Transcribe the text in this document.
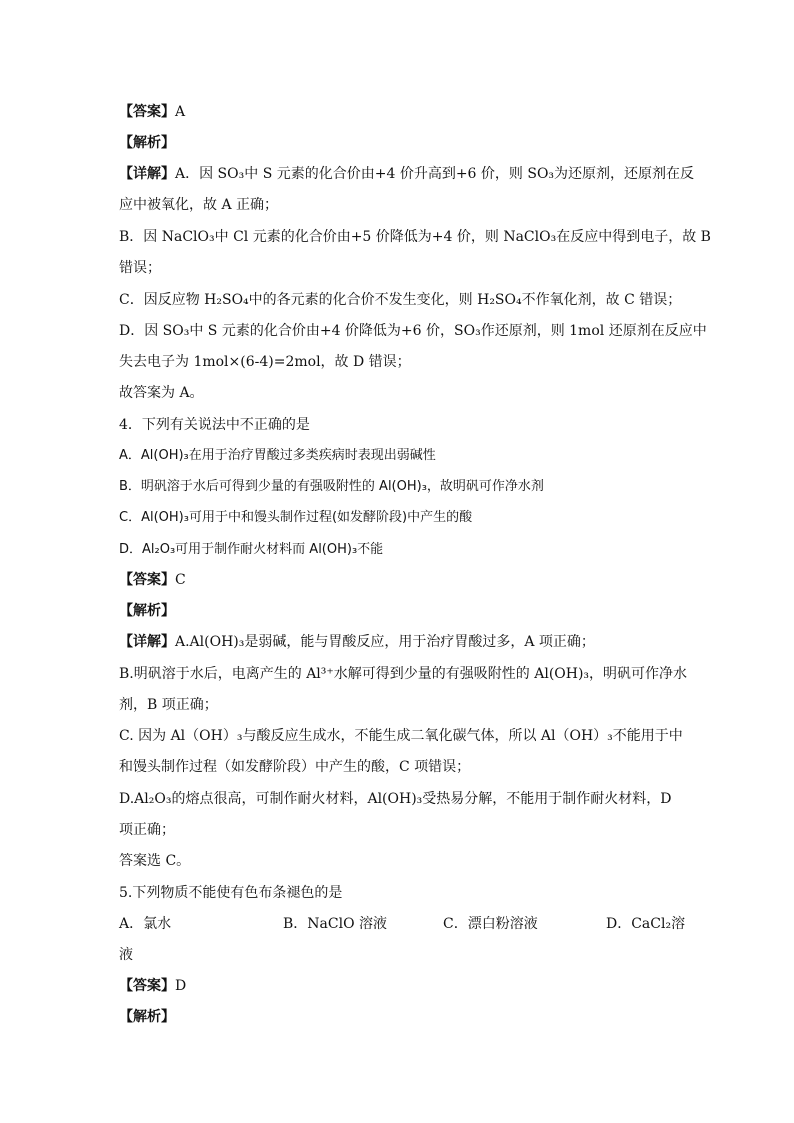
【答案】A
【解析】
【详解】A．因 SO₃中 S 元素的化合价由+4 价升高到+6 价，则 SO₃为还原剂，还原剂在反
应中被氧化，故 A 正确；
B．因 NaClO₃中 Cl 元素的化合价由+5 价降低为+4 价，则 NaClO₃在反应中得到电子，故 B
错误；
C．因反应物 H₂SO₄中的各元素的化合价不发生变化，则 H₂SO₄不作氧化剂，故 C 错误；
D．因 SO₃中 S 元素的化合价由+4 价降低为+6 价，SO₃作还原剂，则 1mol 还原剂在反应中
失去电子为 1mol×(6-4)=2mol，故 D 错误；
故答案为 A。
4．下列有关说法中不正确的是
A．Al(OH)₃在用于治疗胃酸过多类疾病时表现出弱碱性
B．明矾溶于水后可得到少量的有强吸附性的 Al(OH)₃，故明矾可作净水剂
C．Al(OH)₃可用于中和馒头制作过程(如发酵阶段)中产生的酸
D．Al₂O₃可用于制作耐火材料而 Al(OH)₃不能
【答案】C
【解析】
【详解】A.Al(OH)₃是弱碱，能与胃酸反应，用于治疗胃酸过多，A 项正确；
B.明矾溶于水后，电离产生的 Al³⁺水解可得到少量的有强吸附性的 Al(OH)₃，明矾可作净水
剂，B 项正确；
C. 因为 Al（OH）₃与酸反应生成水，不能生成二氧化碳气体，所以 Al（OH）₃不能用于中
和馒头制作过程（如发酵阶段）中产生的酸，C 项错误；
D.Al₂O₃的熔点很高，可制作耐火材料，Al(OH)₃受热易分解，不能用于制作耐火材料，D
项正确；
答案选 C。
5.下列物质不能使有色布条褪色的是
A．氯水	B．NaClO 溶液	C．漂白粉溶液	D．CaCl₂溶
液
【答案】D
【解析】
